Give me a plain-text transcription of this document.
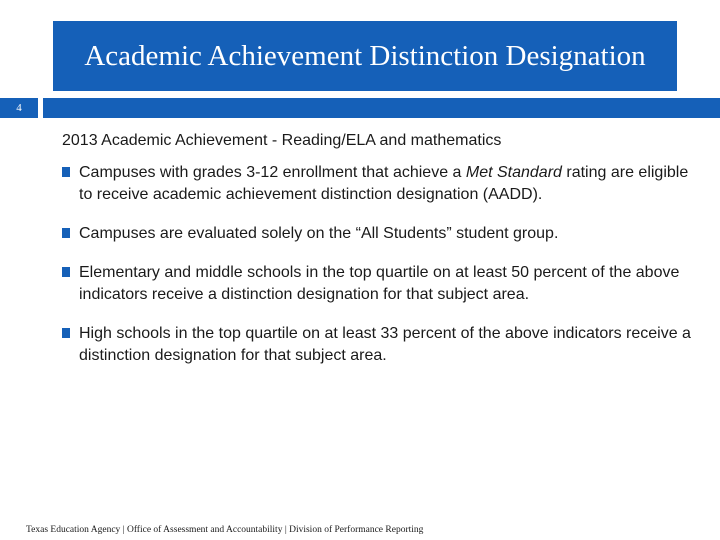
Academic Achievement Distinction Designation
4
2013 Academic Achievement - Reading/ELA and mathematics
Campuses with grades 3-12 enrollment that achieve a Met Standard rating are eligible to receive academic achievement distinction designation (AADD).
Campuses are evaluated solely on the “All Students” student group.
Elementary and middle schools in the top quartile on at least 50 percent of the above indicators receive a distinction designation for that subject area.
High schools in the top quartile on at least 33 percent of the above indicators receive a distinction designation for that subject area.
Texas Education Agency | Office of Assessment and Accountability | Division of Performance Reporting
